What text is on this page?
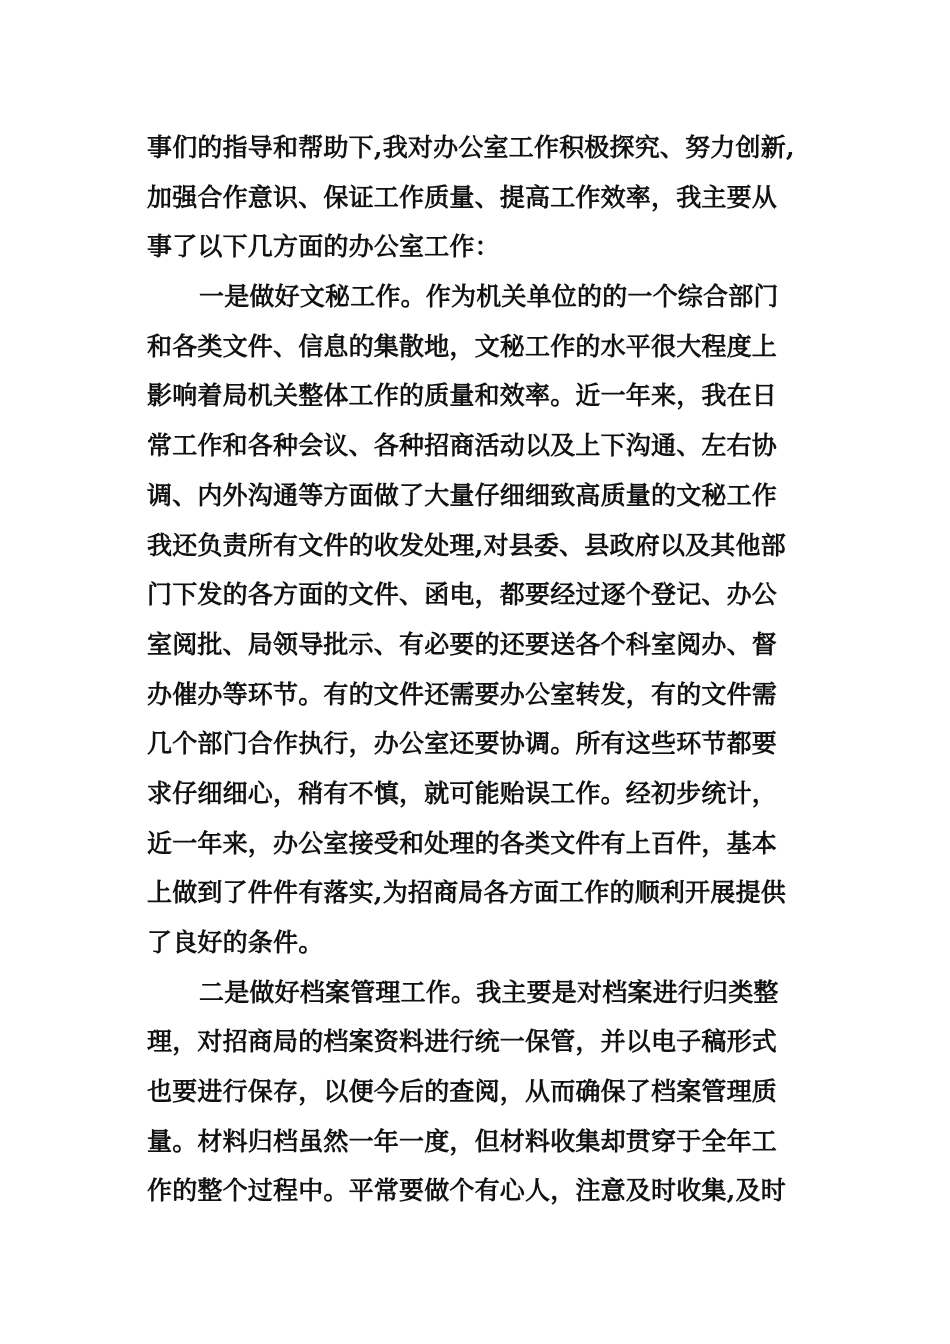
事们的指导和帮助下,我对办公室工作积极探究、努力创新,
加强合作意识、保证工作质量、提高工作效率，我主要从
事了以下几方面的办公室工作：
一是做好文秘工作。作为机关单位的的一个综合部门
和各类文件、信息的集散地，文秘工作的水平很大程度上
影响着局机关整体工作的质量和效率。近一年来，我在日
常工作和各种会议、各种招商活动以及上下沟通、左右协
调、内外沟通等方面做了大量仔细细致高质量的文秘工作
我还负责所有文件的收发处理,对县委、县政府以及其他部
门下发的各方面的文件、函电，都要经过逐个登记、办公
室阅批、局领导批示、有必要的还要送各个科室阅办、督
办催办等环节。有的文件还需要办公室转发，有的文件需
几个部门合作执行，办公室还要协调。所有这些环节都要
求仔细细心，稍有不慎，就可能贻误工作。经初步统计，
近一年来，办公室接受和处理的各类文件有上百件，基本
上做到了件件有落实,为招商局各方面工作的顺利开展提供
了良好的条件。
二是做好档案管理工作。我主要是对档案进行归类整
理，对招商局的档案资料进行统一保管，并以电子稿形式
也要进行保存，以便今后的查阅，从而确保了档案管理质
量。材料归档虽然一年一度，但材料收集却贯穿于全年工
作的整个过程中。平常要做个有心人，注意及时收集,及时
